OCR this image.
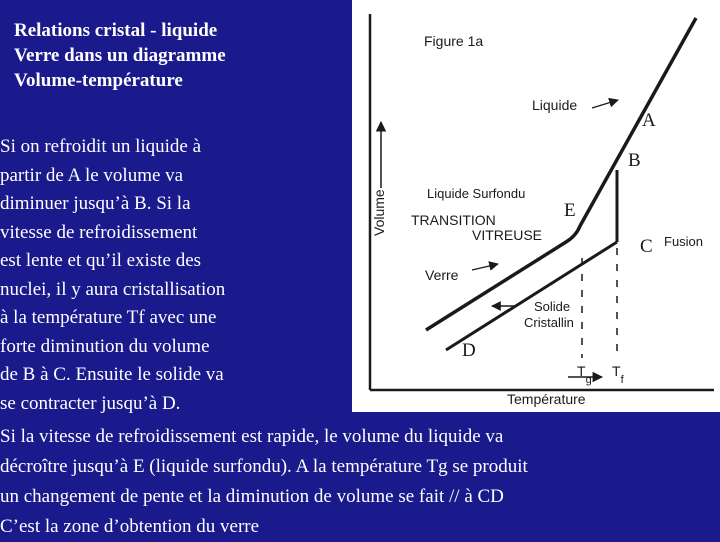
Relations cristal - liquide
Verre dans un diagramme
Volume-température
Si on refroidit un liquide à
partir de A le volume va
diminuer jusqu’à B. Si la
vitesse de refroidissement
est lente et qu’il existe des
nuclei, il y aura cristallisation
à la température Tf avec une
forte diminution du volume
de B à C. Ensuite le solide va
se contracter jusqu’à D.
Figure 1a
Volume
Liquide
Liquide Surfondu
TRANSITION
VITREUSE	Fusion
Verre
Solide
Cristallin
$T_g$
$T_f$
Température
A
B
E
C
D
Si la vitesse de refroidissement est rapide, le volume du liquide va
décroître jusqu’à E (liquide surfondu). A la température Tg se produit
un changement de pente et la diminution de volume se fait // à CD
C’est la zone d’obtention du verre
